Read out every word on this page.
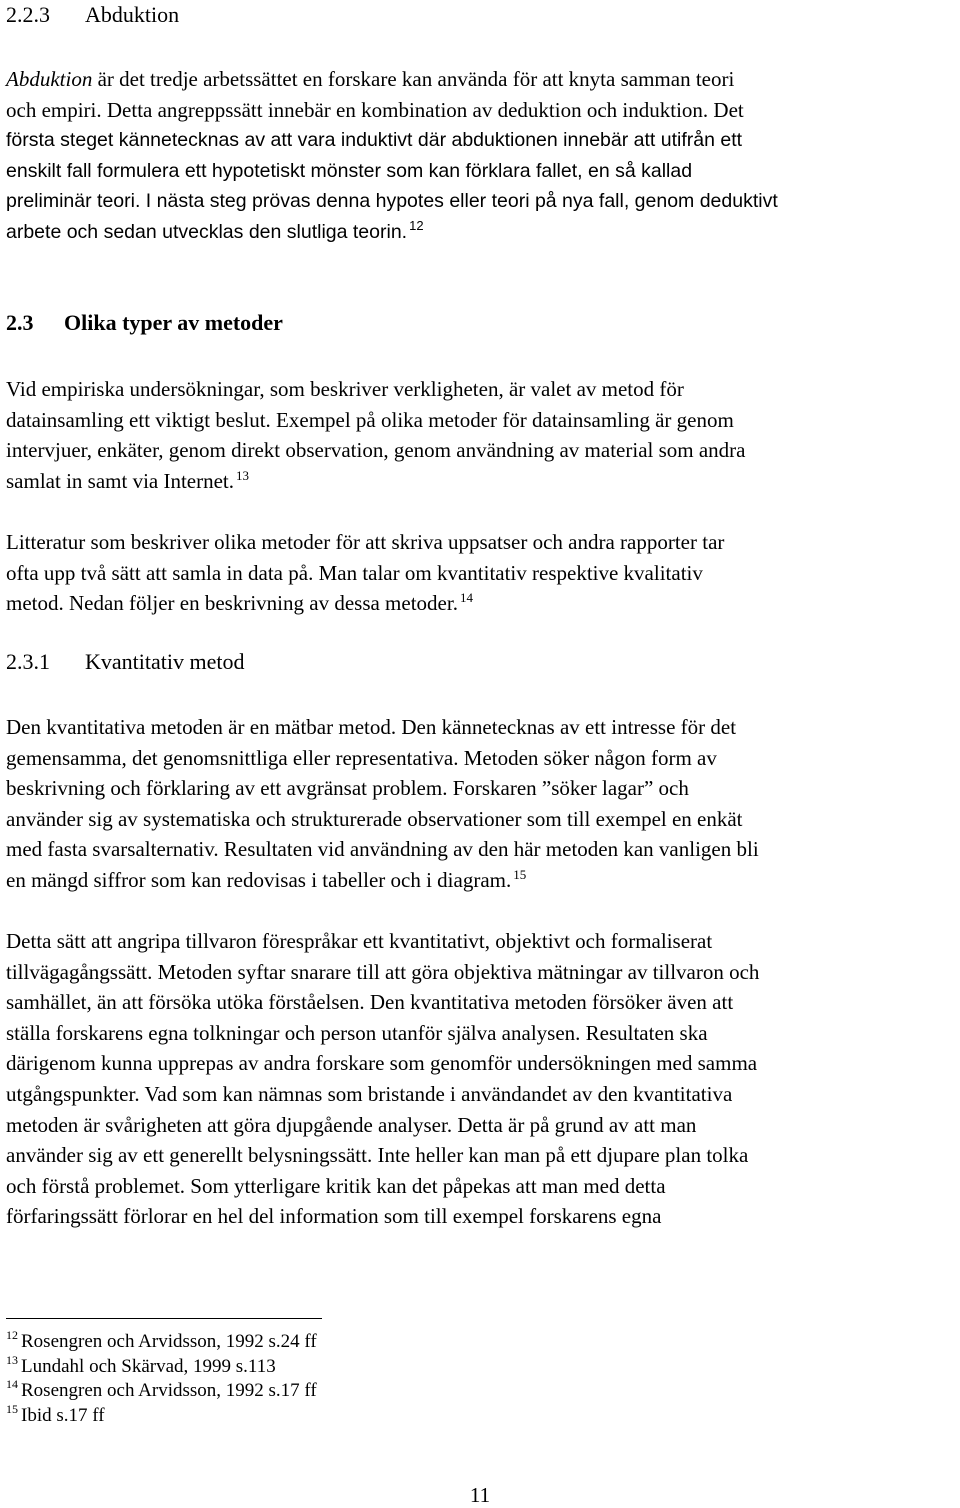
2.2.3 Abduktion
Abduktion är det tredje arbetssättet en forskare kan använda för att knyta samman teori
och empiri. Detta angreppssätt innebär en kombination av deduktion och induktion. Det
första steget kännetecknas av att vara induktivt där abduktionen innebär att utifrån ett
enskilt fall formulera ett hypotetiskt mönster som kan förklara fallet, en så kallad
preliminär teori. I nästa steg prövas denna hypotes eller teori på nya fall, genom deduktivt
arbete och sedan utvecklas den slutliga teorin. $^{12}$
2.3 Olika typer av metoder
Vid empiriska undersökningar, som beskriver verkligheten, är valet av metod för
datainsamling ett viktigt beslut. Exempel på olika metoder för datainsamling är genom
intervjuer, enkäter, genom direkt observation, genom användning av material som andra
samlat in samt via Internet. $^{13}$
Litteratur som beskriver olika metoder för att skriva uppsatser och andra rapporter tar
ofta upp två sätt att samla in data på. Man talar om kvantitativ respektive kvalitativ
metod. Nedan följer en beskrivning av dessa metoder. $^{14}$
2.3.1 Kvantitativ metod
Den kvantitativa metoden är en mätbar metod. Den kännetecknas av ett intresse för det
gemensamma, det genomsnittliga eller representativa. Metoden söker någon form av
beskrivning och förklaring av ett avgränsat problem. Forskaren ”söker lagar” och
använder sig av systematiska och strukturerade observationer som till exempel en enkät
med fasta svarsalternativ. Resultaten vid användning av den här metoden kan vanligen bli
en mängd siffror som kan redovisas i tabeller och i diagram. $^{15}$
Detta sätt att angripa tillvaron förespråkar ett kvantitativt, objektivt och formaliserat
tillvägagångssätt. Metoden syftar snarare till att göra objektiva mätningar av tillvaron och
samhället, än att försöka utöka förståelsen. Den kvantitativa metoden försöker även att
ställa forskarens egna tolkningar och person utanför själva analysen. Resultaten ska
därigenom kunna upprepas av andra forskare som genomför undersökningen med samma
utgångspunkter. Vad som kan nämnas som bristande i användandet av den kvantitativa
metoden är svårigheten att göra djupgående analyser. Detta är på grund av att man
använder sig av ett generellt belysningssätt. Inte heller kan man på ett djupare plan tolka
och förstå problemet. Som ytterligare kritik kan det påpekas att man med detta
förfaringssätt förlorar en hel del information som till exempel forskarens egna
$^{12}$ Rosengren och Arvidsson, 1992 s.24 ff
$^{13}$ Lundahl och Skärvad, 1999 s.113
$^{14}$ Rosengren och Arvidsson, 1992 s.17 ff
$^{15}$ Ibid s.17 ff
11
